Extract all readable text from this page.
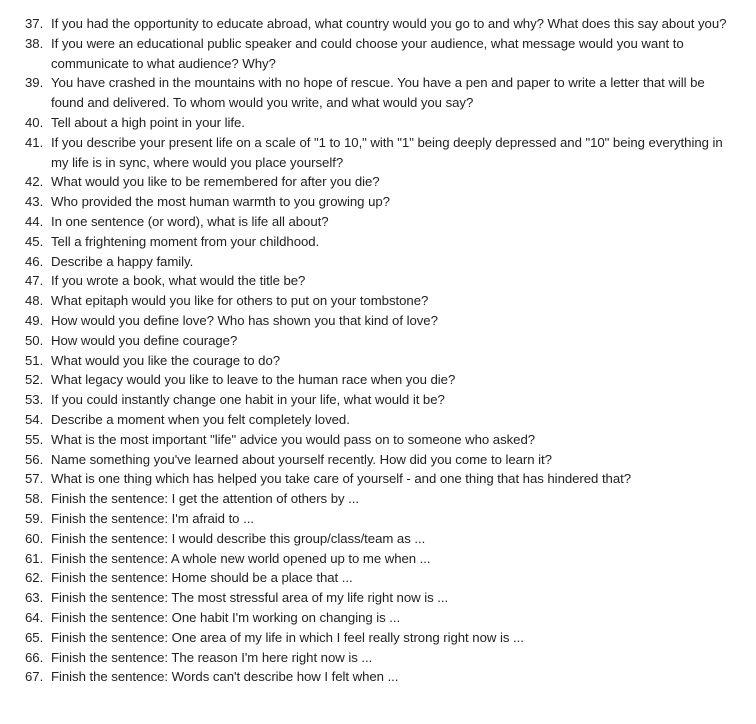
37. If you had the opportunity to educate abroad, what country would you go to and why? What does this say about you?
38. If you were an educational public speaker and could choose your audience, what message would you want to communicate to what audience? Why?
39. You have crashed in the mountains with no hope of rescue. You have a pen and paper to write a letter that will be found and delivered. To whom would you write, and what would you say?
40. Tell about a high point in your life.
41. If you describe your present life on a scale of "1 to 10," with "1" being deeply depressed and "10" being everything in my life is in sync, where would you place yourself?
42. What would you like to be remembered for after you die?
43. Who provided the most human warmth to you growing up?
44. In one sentence (or word), what is life all about?
45. Tell a frightening moment from your childhood.
46. Describe a happy family.
47. If you wrote a book, what would the title be?
48. What epitaph would you like for others to put on your tombstone?
49. How would you define love? Who has shown you that kind of love?
50. How would you define courage?
51. What would you like the courage to do?
52. What legacy would you like to leave to the human race when you die?
53. If you could instantly change one habit in your life, what would it be?
54. Describe a moment when you felt completely loved.
55. What is the most important "life" advice you would pass on to someone who asked?
56. Name something you've learned about yourself recently. How did you come to learn it?
57. What is one thing which has helped you take care of yourself - and one thing that has hindered that?
58. Finish the sentence: I get the attention of others by ...
59. Finish the sentence: I'm afraid to ...
60. Finish the sentence: I would describe this group/class/team as ...
61. Finish the sentence: A whole new world opened up to me when ...
62. Finish the sentence: Home should be a place that ...
63. Finish the sentence: The most stressful area of my life right now is ...
64. Finish the sentence: One habit I'm working on changing is ...
65. Finish the sentence: One area of my life in which I feel really strong right now is ...
66. Finish the sentence: The reason I'm here right now is ...
67. Finish the sentence: Words can't describe how I felt when ...
